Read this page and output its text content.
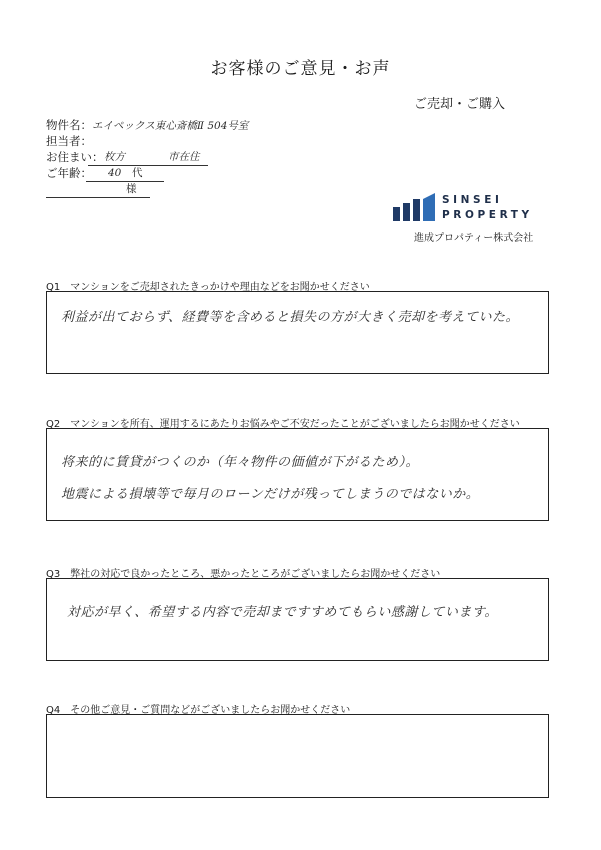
お客様のご意見・お声
ご売却・ご購入
物件名：エイペックス東心斎橋Ⅱ 504号室
担当者：
お住まい： 枚方	市在住
ご年齢： 40 代
様
SINSEI
PROPERTY
進成プロパティー株式会社
Q1　マンションをご売却されたきっかけや理由などをお聞かせください
利益が出ておらず、経費等を含めると損失の方が大きく売却を考えていた。
Q2　マンションを所有、運用するにあたりお悩みやご不安だったことがございましたらお聞かせください
将来的に賃貸がつくのか（年々物件の価値が下がるため）。
地震による損壊等で毎月のローンだけが残ってしまうのではないか。
Q3　弊社の対応で良かったところ、悪かったところがございましたらお聞かせください
対応が早く、希望する内容で売却まですすめてもらい感謝しています。
Q4　その他ご意見・ご質問などがございましたらお聞かせください
